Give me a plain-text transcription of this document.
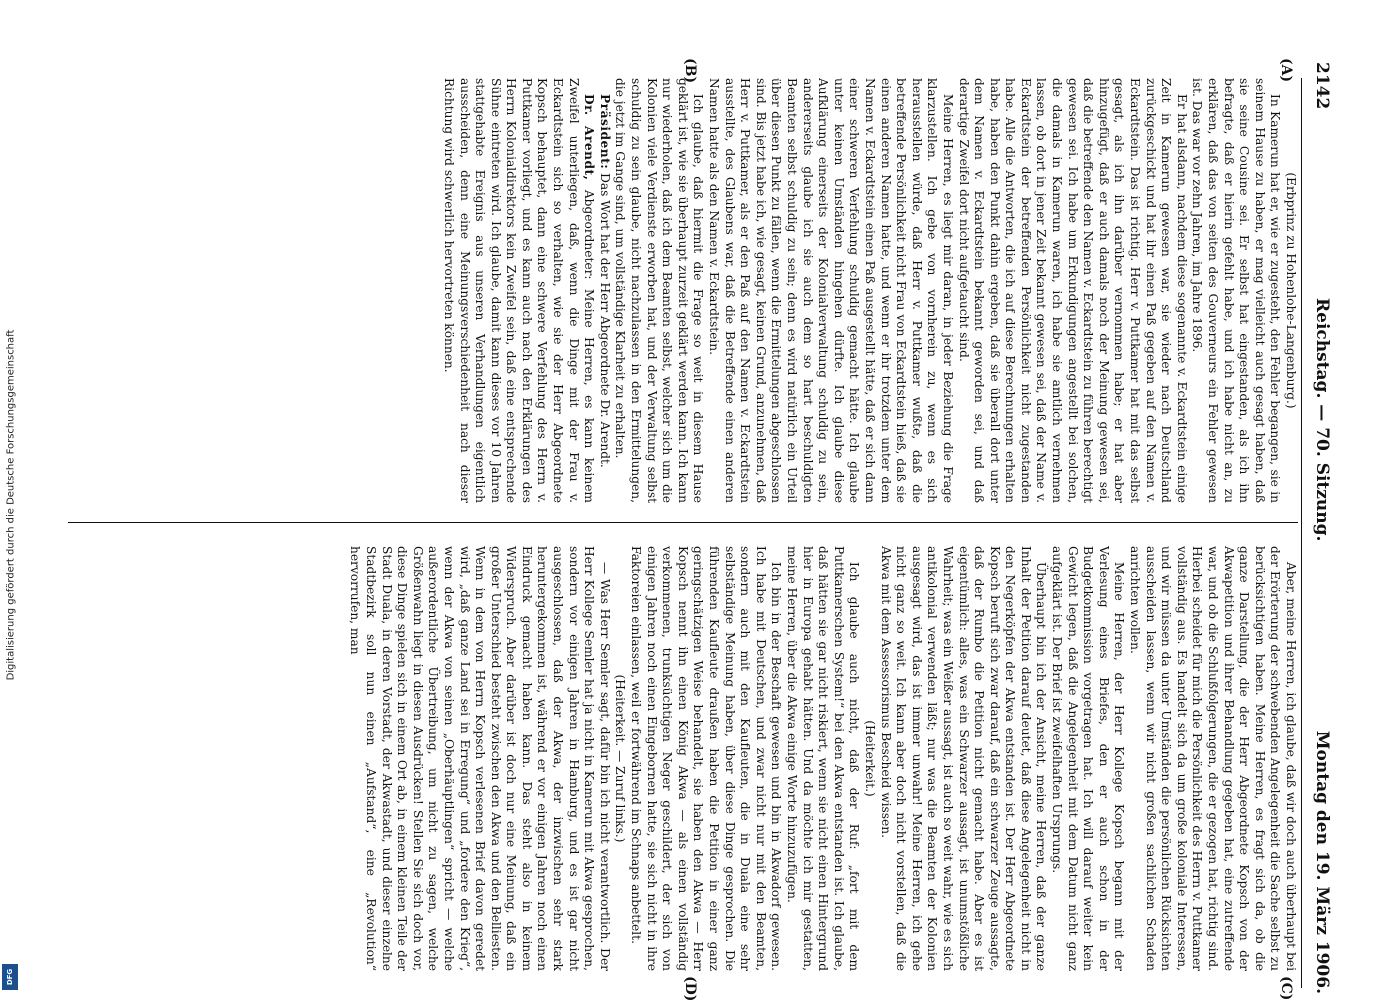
Digitalisierung gefördert durch die Deutsche Forschungsgemeinschaft
DFG
2142
Reichstag. — 70. Sitzung.
Montag den 19. März 1906.
(A)
(B)
(C)
(D)

(Erbprinz zu Hohenlohe-Langenburg.)

In Kamerun hat er, wie er zugesteht, den Fehler begangen, sie in seinem Hause zu haben, er mag vielleicht auch gesagt haben, daß sie seine Cousine sei. Er selbst hat eingestanden, als ich ihn befragte, daß er hierin gefehlt habe, und ich habe nicht an, zu erklären, daß das von seiten des Gouverneurs ein Fehler gewesen ist. Das war vor zehn Jahren, im Jahre 1896.

Er hat alsdann, nachdem diese sogenannte v. Eckardtstein einige Zeit in Kamerun gewesen war, sie wieder nach Deutschland zurückgeschickt und hat ihr einen Paß gegeben auf den Namen v. Eckardtstein. Das ist richtig. Herr v. Puttkamer hat mit das selbst gesagt, als ich ihn darüber vernommen habe; er hat aber hinzugefügt, daß er auch damals noch der Meinung gewesen sei, daß die betreffende den Namen v. Eckardtstein zu führen berechtigt gewesen sei. Ich habe um Erkundigungen angestellt bei solchen, die damals in Kamerun waren, ich habe sie amtlich vernehmen lassen, ob dort in jener Zeit bekannt gewesen sei, daß der Name v. Eckardtstein der betreffenden Persönlichkeit nicht zugestanden habe. Alle die Antworten, die ich auf diese Berechnungen erhalten habe, haben den Punkt dahin ergeben, daß sie überall dort unter dem Namen v. Eckardtstein bekannt geworden sei, und daß derartige Zweifel dort nicht aufgetaucht sind.

Meine Herren, es liegt mir daran, in jeder Beziehung die Frage klarzustellen. Ich gebe von vornherein zu, wenn es sich herausstellen würde, daß Herr v. Puttkamer wußte, daß die betreffende Persönlichkeit nicht Frau von Eckardtstein hieß, daß sie einen anderen Namen hatte, und wenn er ihr trotzdem unter dem Namen v. Eckardtstein einen Paß ausgestellt hätte, daß er sich dann einer schweren Verfehlung schuldig gemacht hätte. Ich glaube unter keinen Umständen hingehen dürfte. Ich glaube diese Aufklärung einerseits der Kolonialverwaltung schuldig zu sein, andererseits glaube ich sie auch dem so hart beschuldigten Beamten selbst schuldig zu sein; denn es wird natürlich ein Urteil über diesen Punkt zu fällen, wenn die Ermittelungen abgeschlossen sind. Bis jetzt habe ich, wie gesagt, keinen Grund, anzunehmen, daß Herr v. Puttkamer, als er den Paß auf den Namen v. Eckardtstein ausstellte, des Glaubens war, daß die Betreffende einen anderen Namen hatte als den Namen v. Eckardtstein.

Ich glaube, daß hiermit die Frage so weit in diesem Hause geklärt ist, wie sie überhaupt zurzeit geklärt werden kann. Ich kann nur wiederholen, daß ich dem Beamten selbst, welcher sich um die Kolonien viele Verdienste erworben hat, und der Verwaltung selbst schuldig zu sein glaube, nicht nachzulassen in den Ermittelungen, die jetzt im Gange sind, um vollständige Klarheit zu erhalten.

Präsident: Das Wort hat der Herr Abgeordnete Dr. Arendt.

Dr. Arendt, Abgeordneter: Meine Herren, es kann keinem Zweifel unterliegen, daß, wenn die Dinge mit der Frau v. Eckardtstein sich so verhalten, wie sie der Herr Abgeordnete Kopsch behauptet, dann eine schwere Verfehlung des Herrn v. Puttkamer vorliegt, und es kann auch nach den Erklärungen des Herrn Kolonialdirektors kein Zweifel sein, daß eine entsprechende Sühne eintreten wird. Ich glaube, damit kann dieses vor 10 Jahren stattgehabte Ereignis aus unseren Verhandlungen eigentlich ausscheiden, denn eine Meinungsverschiedenheit nach dieser Richtung wird schwerlich hervortreten können.

Aber, meine Herren, ich glaube, daß wir doch auch überhaupt bei der Erörterung der schwebenden Angelegenheit die Sache selbst zu berücksichtigen haben. Meine Herren, es fragt sich da, ob die ganze Darstellung, die der Herr Abgeordnete Kopsch von der Akwapetition und ihrer Behandlung gegeben hat, eine zutreffende war, und ob die Schlußfolgerungen, die er gezogen hat, richtig sind. Hierbei scheidet für mich die Persönlichkeit des Herrn v. Puttkamer vollständig aus. Es handelt sich da um große koloniale Interessen, und wir müssen da unter Umständen die persönlichen Rücksichten ausscheiden lassen, wenn wir nicht großen sachlichen Schaden anrichten wollen.

Meine Herren, der Herr Kollege Kopsch begann mit der Verlesung eines Briefes, den er auch schon in der Budgetkommission vorgetragen hat. Ich will darauf weiter kein Gewicht legen, daß die Angelegenheit mit dem Datum nicht ganz aufgeklärt ist. Der Brief ist zweifelhaften Ursprungs.

Überhaupt bin ich der Ansicht, meine Herren, daß der ganze Inhalt der Petition darauf deutet, daß diese Angelegenheit nicht in den Negerköpfen der Akwa entstanden ist. Der Herr Abgeordnete Kopsch beruft sich zwar darauf, daß ein schwarzer Zeuge aussagte, daß der Rumbo die Petition nicht gemacht habe. Aber es ist eigentümlich: alles, was ein Schwarzer aussagt, ist unumstößliche Wahrheit; was ein Weißer aussagt, ist auch so weit wahr, wie es sich antikolonial verwenden läßt; nur was die Beamten der Kolonien ausgesagt wird, das ist immer unwahr! Meine Herren, ich gehe nicht ganz so weit. Ich kann aber doch nicht vorstellen, daß die Akwa mit dem Assessorismus Bescheid wissen.

(Heiterkeit.)

Ich glaube auch nicht, daß der Ruf: „fort mit dem Puttkamerschen System!“ bei den Akwa entstanden ist. Ich glaube, daß hätten sie gar nicht riskiert, wenn sie nicht einen Hintergrund hier in Europa gehabt hätten. Und da möchte ich mir gestatten, meine Herren, über die Akwa einige Worte hinzuzufügen.

Ich bin in der Beschaft gewesen und bin in Akwadorf gewesen. Ich habe mit Deutschen, und zwar nicht nur mit den Beamten, sondern auch mit den Kaufleuten, die in Duala eine sehr selbständige Meinung haben, über diese Dinge gesprochen. Die führenden Kaufleute draußen haben die Petition in einer ganz geringschätzigen Weise behandelt, sie haben den Akwa — Herr Kopsch nennt ihn einen König Akwa — als einen vollständig verkommenen, trunksüchtigen Neger geschildert, der sich von einigen Jahren noch einen Eingebornen hatte, sie sich nicht in ihre Faktoreien einlassen, weil er fortwährend im Schnaps anbettelt.

(Heiterkeit. — Zuruf links.)

— Was Herr Semler sagt, dafür bin ich nicht verantwortlich. Der Herr Kollege Semler hat ja nicht in Kamerun mit Akwa gesprochen, sondern vor einigen Jahren in Hamburg, und es ist gar nicht ausgeschlossen, daß der Akwa, der inzwischen sehr stark heruntergekommen ist, während er vor einigen Jahren noch einen Eindruck gemacht haben kann. Das steht also in keinem Widerspruch. Aber darüber ist doch nur eine Meinung, daß ein großer Unterschied besteht zwischen den Akwa und den Belliesten. Wenn in dem von Herrn Kopsch verlesenen Brief davon geredet wird, „daß ganze Land sei in Erregung“ und „fordere den Krieg“, wenn der Akwa von seinen „Oberhäuptlingen“ spricht — welche außerordentliche Übertreibung, um nicht zu sagen, welche Größenwahn liegt in diesen Ausdrücken! Stellen Sie sich doch vor, diese Dinge spielen sich in einem Ort ab, in einem kleinen Teile der Stadt Duala, in deren Vorstadt, der Akwastadt, und dieser einzelne Stadtbezirk soll nun einen „Aufstand“, eine „Revolution“ hervorrufen, man
